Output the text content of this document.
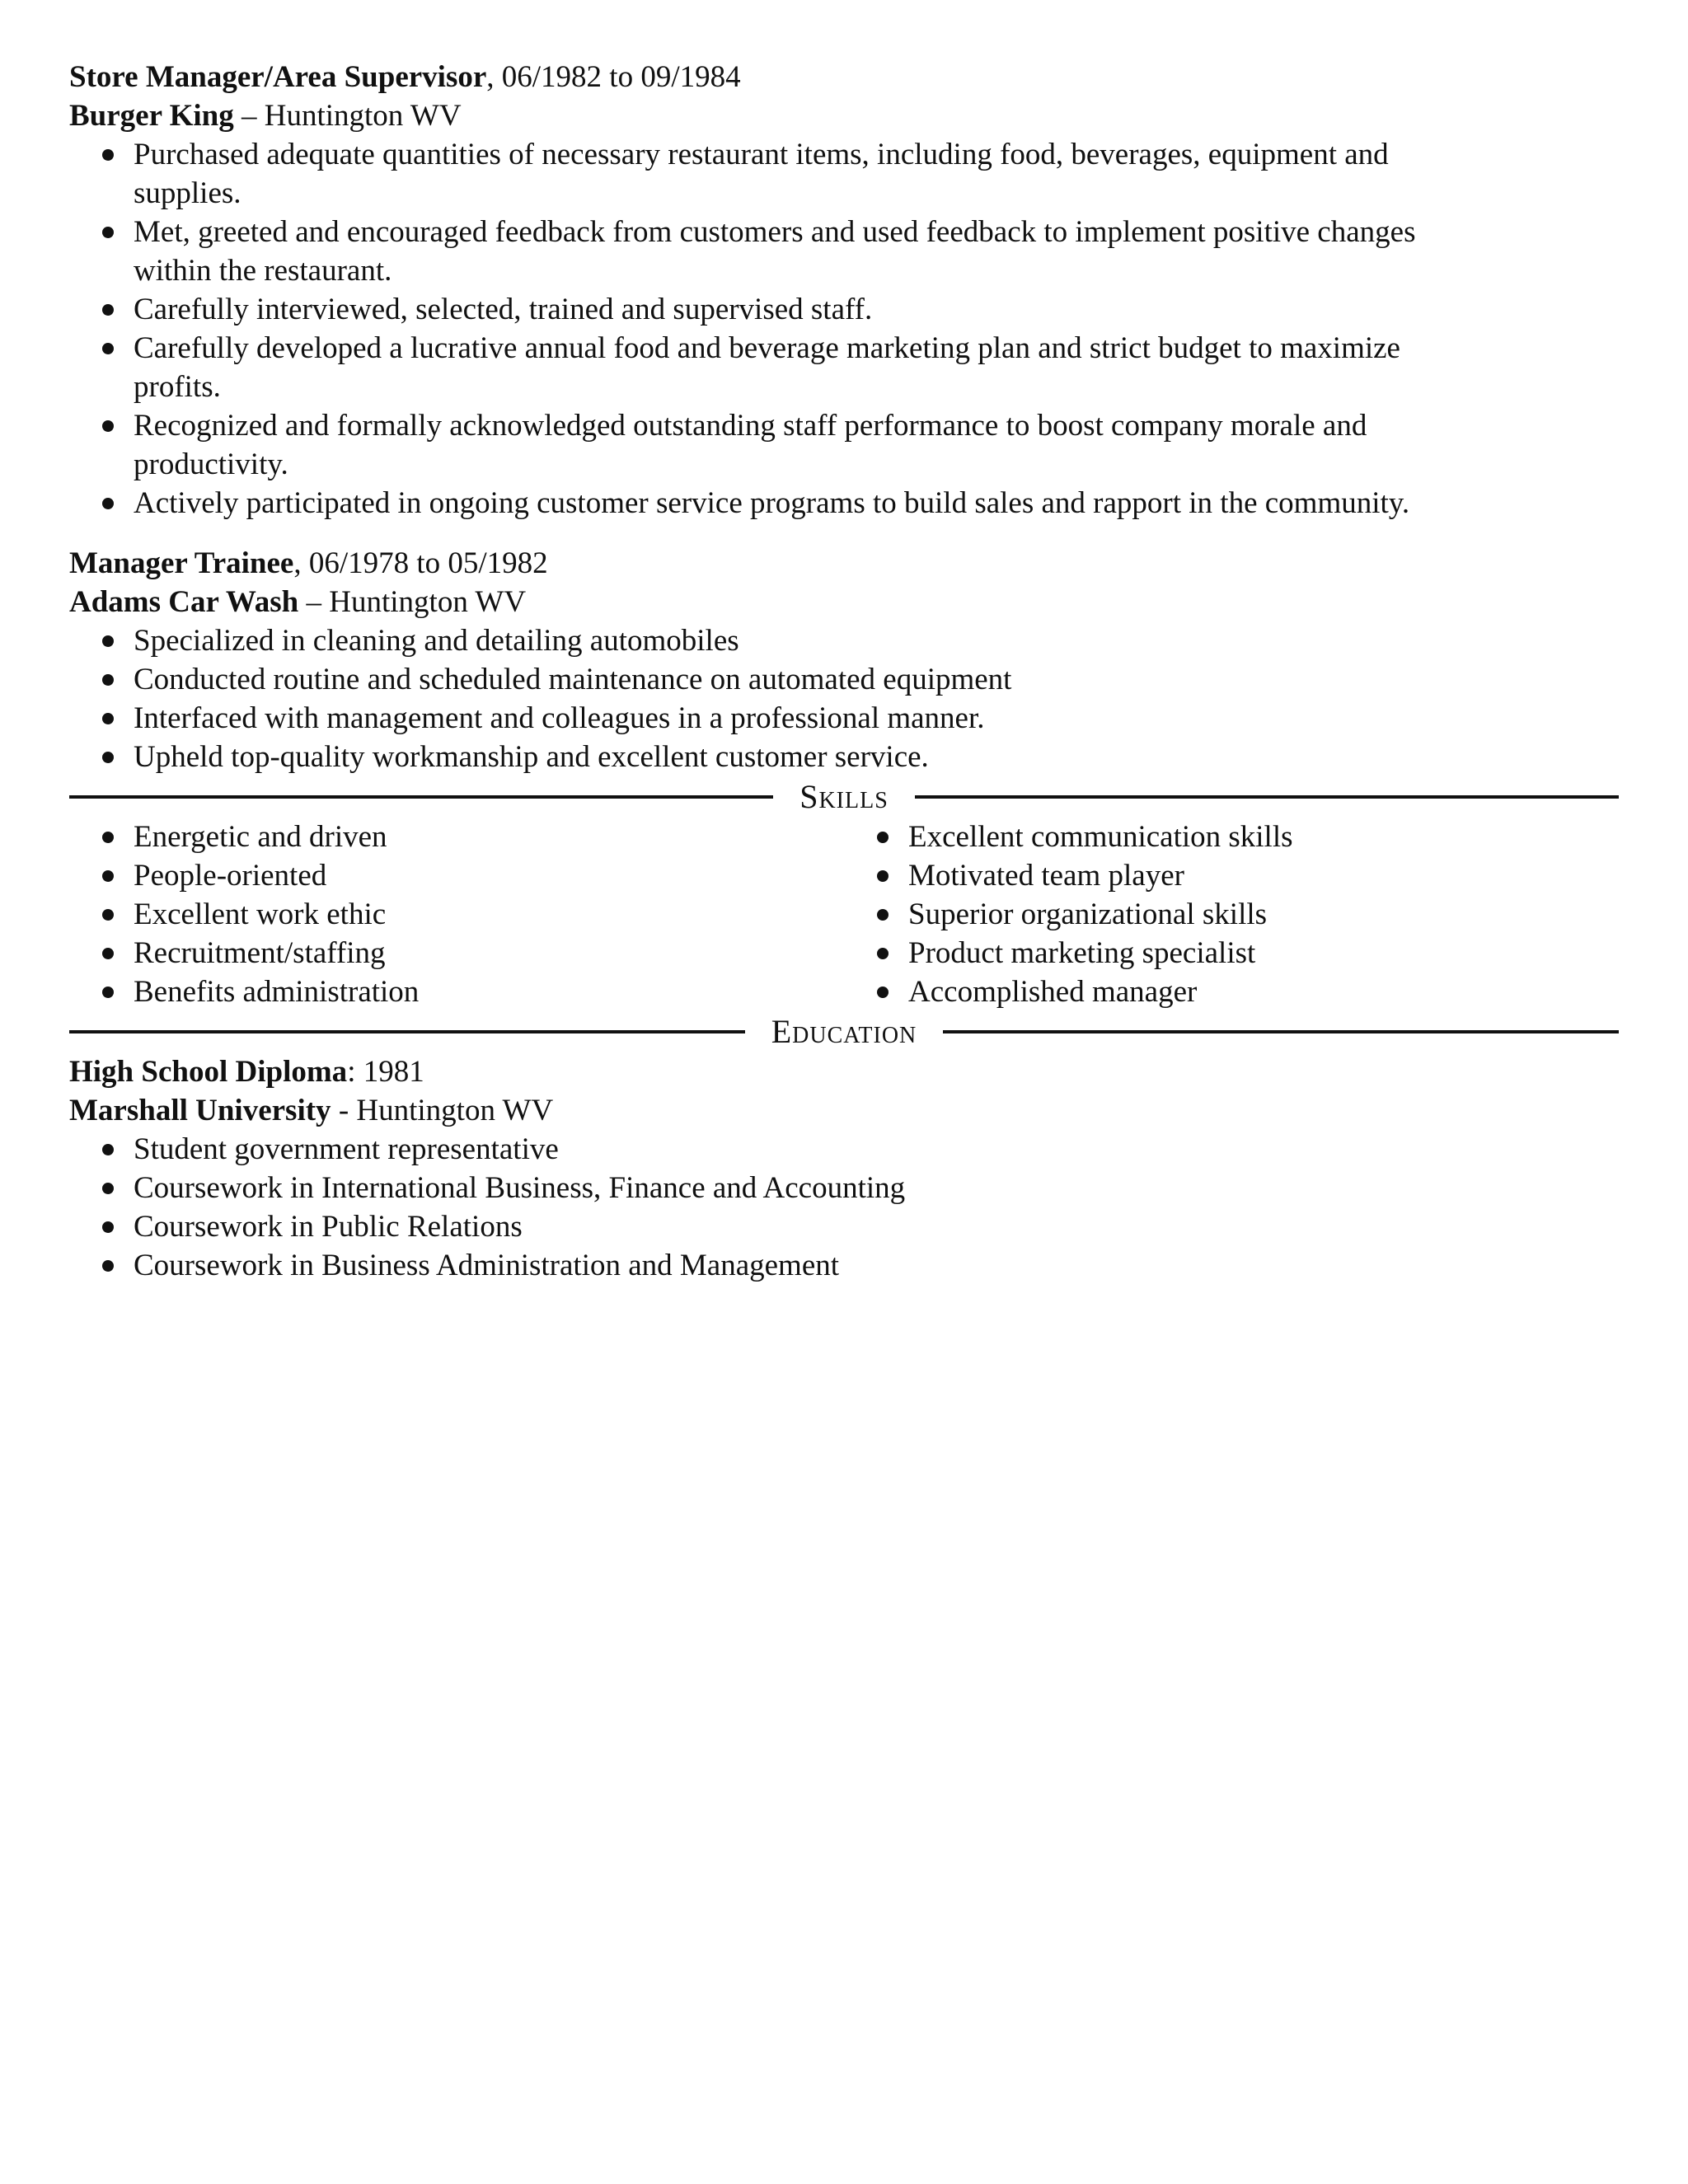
Store Manager/Area Supervisor, 06/1982 to 09/1984
Burger King – Huntington WV
Purchased adequate quantities of necessary restaurant items, including food, beverages, equipment and
supplies.
Met, greeted and encouraged feedback from customers and used feedback to implement positive changes
within the restaurant.
Carefully interviewed, selected, trained and supervised staff.
Carefully developed a lucrative annual food and beverage marketing plan and strict budget to maximize
profits.
Recognized and formally acknowledged outstanding staff performance to boost company morale and
productivity.
Actively participated in ongoing customer service programs to build sales and rapport in the community.
Manager Trainee, 06/1978 to 05/1982
Adams Car Wash – Huntington WV
Specialized in cleaning and detailing automobiles
Conducted routine and scheduled maintenance on automated equipment
Interfaced with management and colleagues in a professional manner.
Upheld top-quality workmanship and excellent customer service.
Skills
Energetic and driven
People-oriented
Excellent work ethic
Recruitment/staffing
Benefits administration
Excellent communication skills
Motivated team player
Superior organizational skills
Product marketing specialist
Accomplished manager
Education
High School Diploma: 1981
Marshall University - Huntington WV
Student government representative
Coursework in International Business, Finance and Accounting
Coursework in Public Relations
Coursework in Business Administration and Management
